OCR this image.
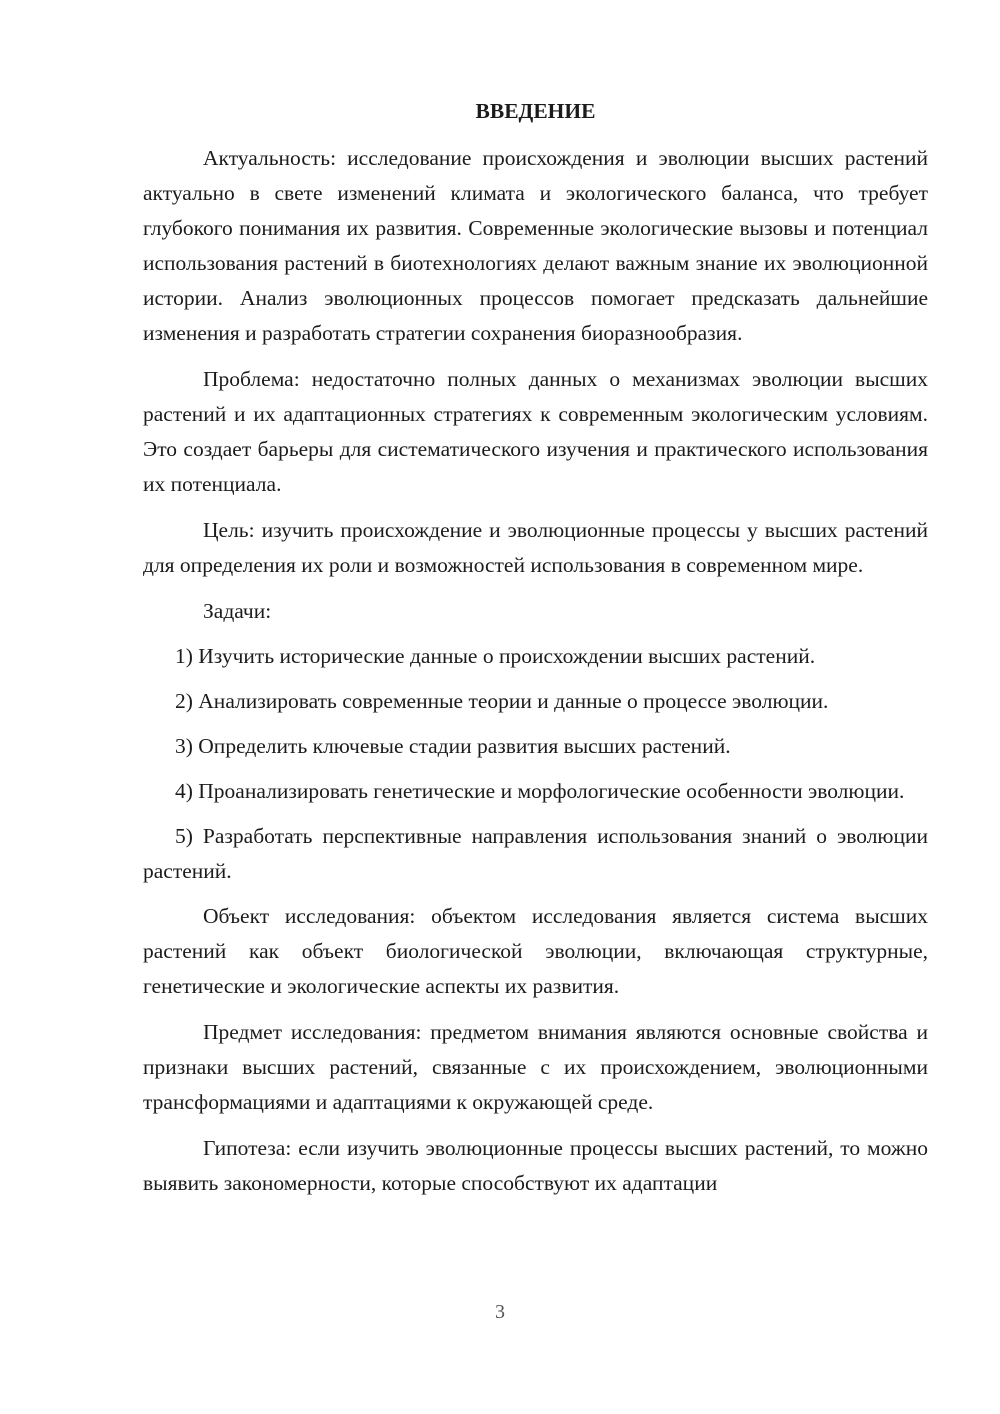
ВВЕДЕНИЕ

Актуальность: исследование происхождения и эволюции высших растений актуально в свете изменений климата и экологического баланса, что требует глубокого понимания их развития. Современные экологические вызовы и потенциал использования растений в биотехнологиях делают важным знание их эволюционной истории. Анализ эволюционных процессов помогает предсказать дальнейшие изменения и разработать стратегии сохранения биоразнообразия.

Проблема: недостаточно полных данных о механизмах эволюции высших растений и их адаптационных стратегиях к современным экологическим условиям. Это создает барьеры для систематического изучения и практического использования их потенциала.

Цель: изучить происхождение и эволюционные процессы у высших растений для определения их роли и возможностей использования в современном мире.

Задачи:

1) Изучить исторические данные о происхождении высших растений.

2) Анализировать современные теории и данные о процессе эволюции.

3) Определить ключевые стадии развития высших растений.

4) Проанализировать генетические и морфологические особенности эволюции.

5) Разработать перспективные направления использования знаний о эволюции растений.

Объект исследования: объектом исследования является система высших растений как объект биологической эволюции, включающая структурные, генетические и экологические аспекты их развития.

Предмет исследования: предметом внимания являются основные свойства и признаки высших растений, связанные с их происхождением, эволюционными трансформациями и адаптациями к окружающей среде.

Гипотеза: если изучить эволюционные процессы высших растений, то можно выявить закономерности, которые способствуют их адаптации

3
